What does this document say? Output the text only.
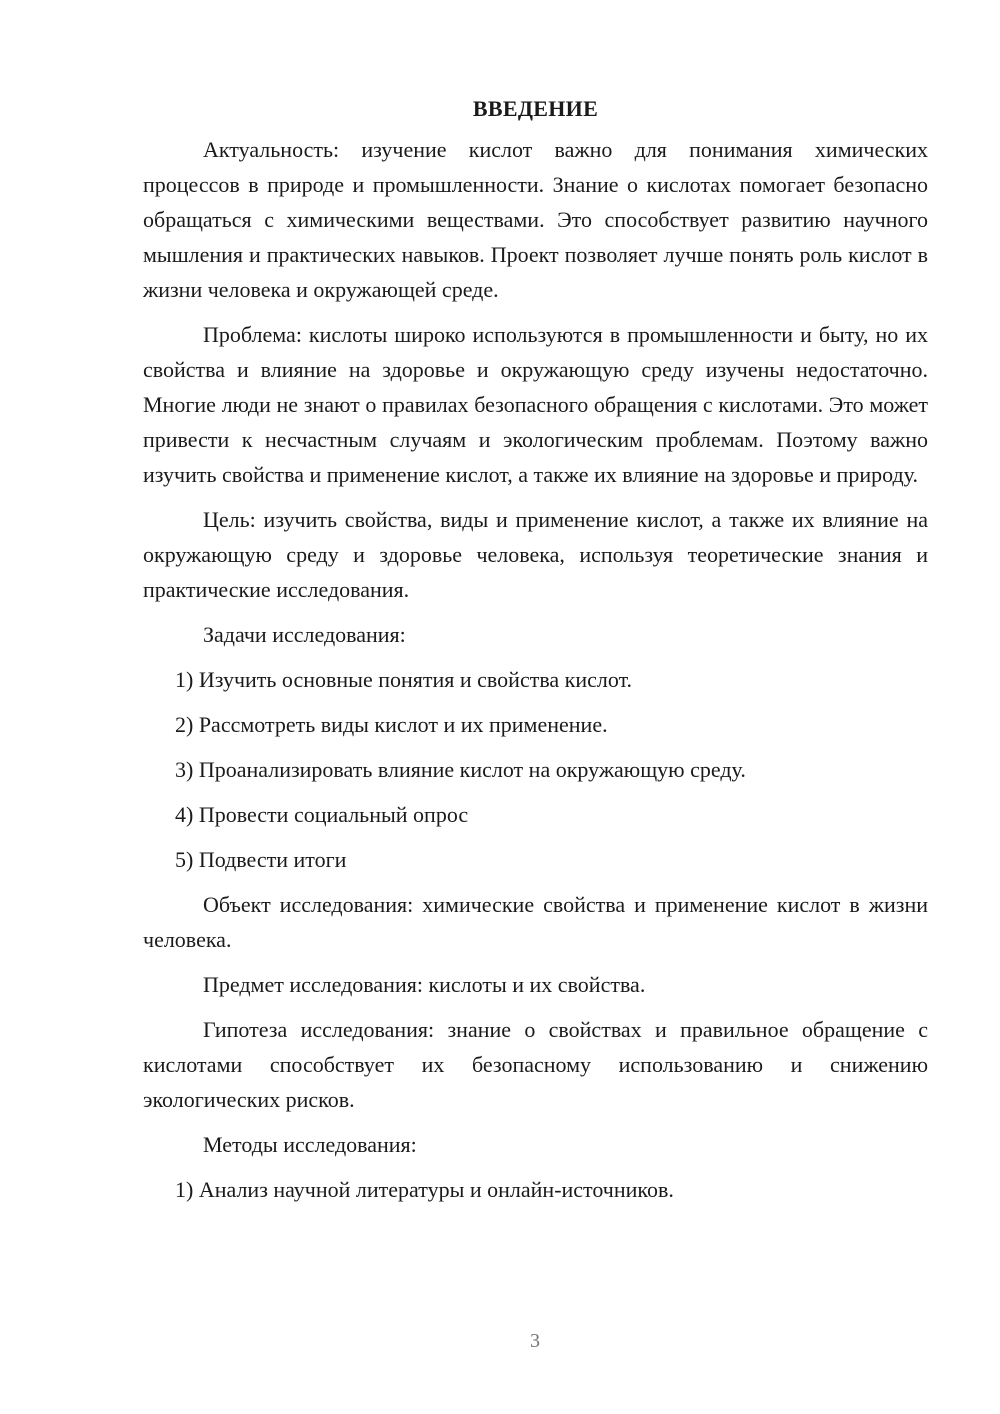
ВВЕДЕНИЕ

Актуальность: изучение кислот важно для понимания химических процессов в природе и промышленности. Знание о кислотах помогает безопасно обращаться с химическими веществами. Это способствует развитию научного мышления и практических навыков. Проект позволяет лучше понять роль кислот в жизни человека и окружающей среде.

Проблема: кислоты широко используются в промышленности и быту, но их свойства и влияние на здоровье и окружающую среду изучены недостаточно. Многие люди не знают о правилах безопасного обращения с кислотами. Это может привести к несчастным случаям и экологическим проблемам. Поэтому важно изучить свойства и применение кислот, а также их влияние на здоровье и природу.

Цель: изучить свойства, виды и применение кислот, а также их влияние на окружающую среду и здоровье человека, используя теоретические знания и практические исследования.

Задачи исследования:
1) Изучить основные понятия и свойства кислот.
2) Рассмотреть виды кислот и их применение.
3) Проанализировать влияние кислот на окружающую среду.
4) Провести социальный опрос
5) Подвести итоги

Объект исследования: химические свойства и применение кислот в жизни человека.

Предмет исследования: кислоты и их свойства.

Гипотеза исследования: знание о свойствах и правильное обращение с кислотами способствует их безопасному использованию и снижению экологических рисков.

Методы исследования:
1) Анализ научной литературы и онлайн-источников.
3
